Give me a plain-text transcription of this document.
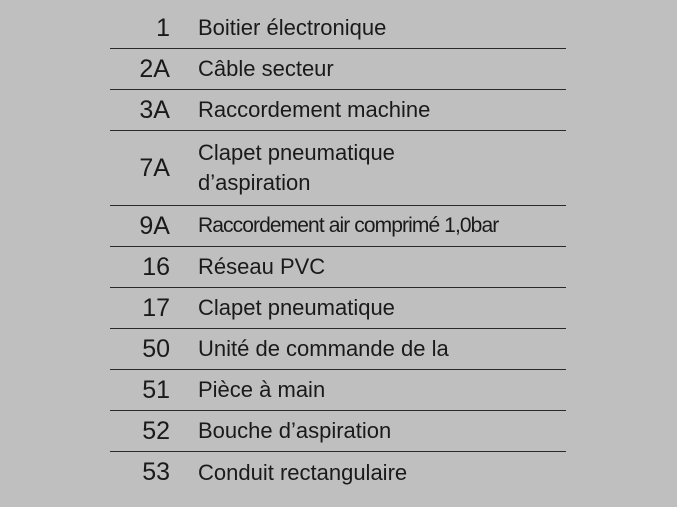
1 Boitier électronique
2A Câble secteur
3A Raccordement machine
7A
Clapet pneumatique
d’aspiration
9A Raccordement air comprimé 1,0bar
16 Réseau PVC
17 Clapet pneumatique
50 Unité de commande de la
51 Pièce à main
52 Bouche d’aspiration
53 Conduit rectangulaire
